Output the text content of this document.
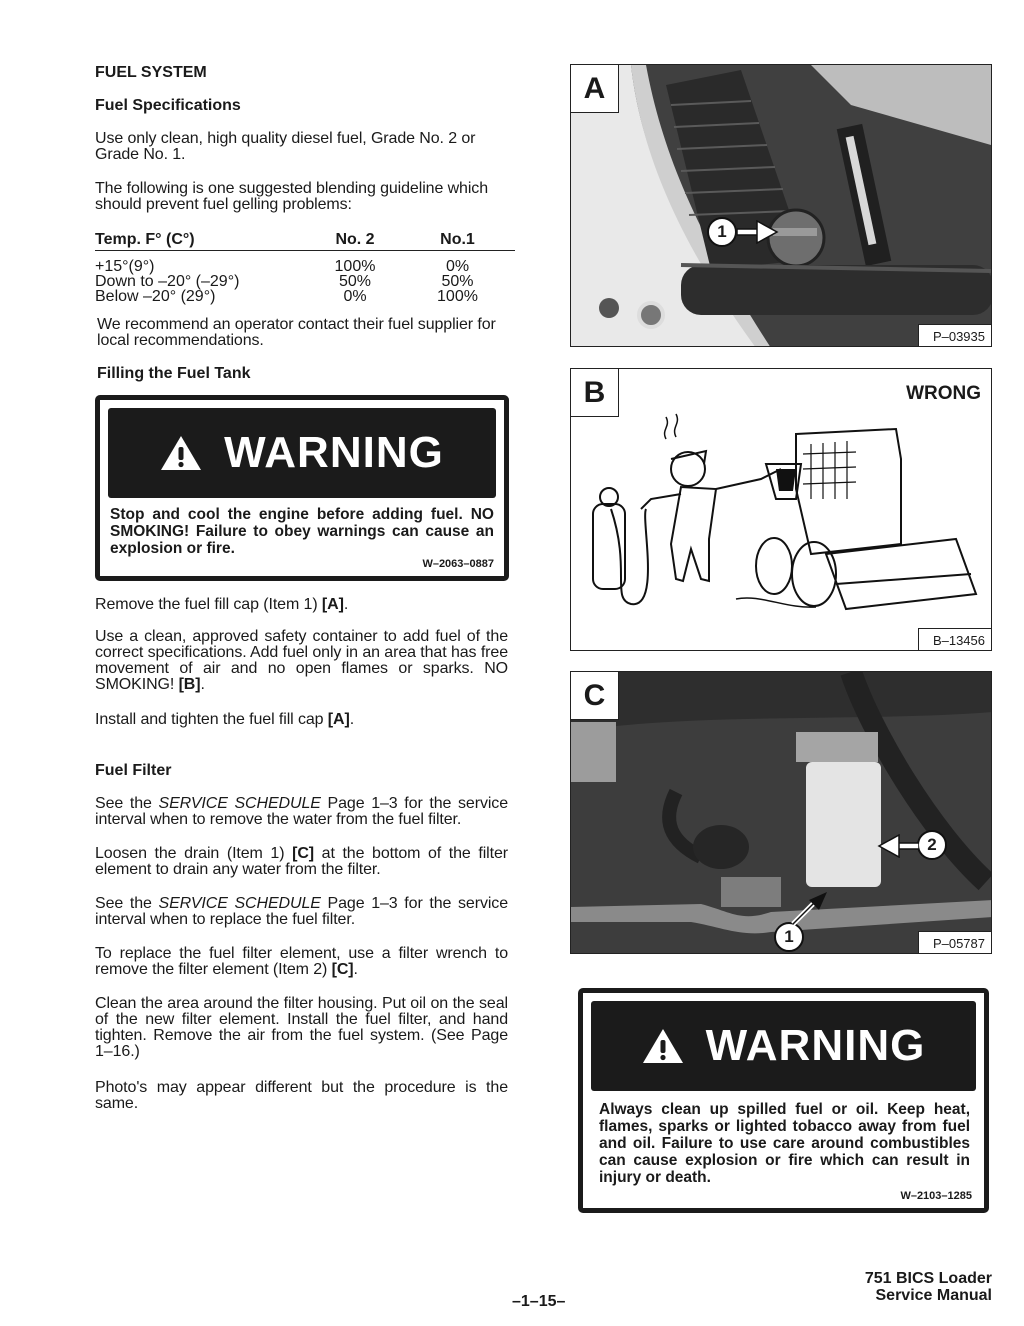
FUEL SYSTEM
Fuel Specifications
Use only clean, high quality diesel fuel, Grade No. 2 or Grade No. 1.
The following is one suggested blending guideline which should prevent fuel gelling problems:
Temp. F° (C°)	No. 2	No.1
+15°(9°)	100%	0%
Down to –20° (–29°)	50%	50%
Below –20° (29°)	0%	100%
We recommend an operator contact their fuel supplier for local recommendations.
Filling the Fuel Tank
WARNING
Stop and cool the engine before adding fuel. NO SMOKING! Failure to obey warnings can cause an explosion or fire.
W–2063–0887
Remove the fuel fill cap (Item 1) [A].
Use a clean, approved safety container to add fuel of the correct specifications. Add fuel only in an area that has free movement of air and no open flames or sparks. NO SMOKING! [B].
Install and tighten the fuel fill cap [A].
Fuel Filter
See the SERVICE SCHEDULE Page 1–3 for the service interval when to remove the water from the fuel filter.
Loosen the drain (Item 1) [C] at the bottom of the filter element to drain any water from the filter.
See the SERVICE SCHEDULE Page 1–3 for the service interval when to replace the fuel filter.
To replace the fuel filter element, use a filter wrench to remove the filter element (Item 2) [C].
Clean the area around the filter housing. Put oil on the seal of the new filter element. Install the fuel filter, and hand tighten. Remove the air from the fuel system. (See Page 1–16.)
Photo's may appear different but the procedure is the same.
A
1
P–03935
B	WRONG
B–13456
C
2
1	P–05787
WARNING
Always clean up spilled fuel or oil. Keep heat, flames, sparks or lighted tobacco away from fuel and oil. Failure to use care around combustibles can cause explosion or fire which can result in injury or death.
W–2103–1285
–1–15–
751 BICS Loader
Service Manual
